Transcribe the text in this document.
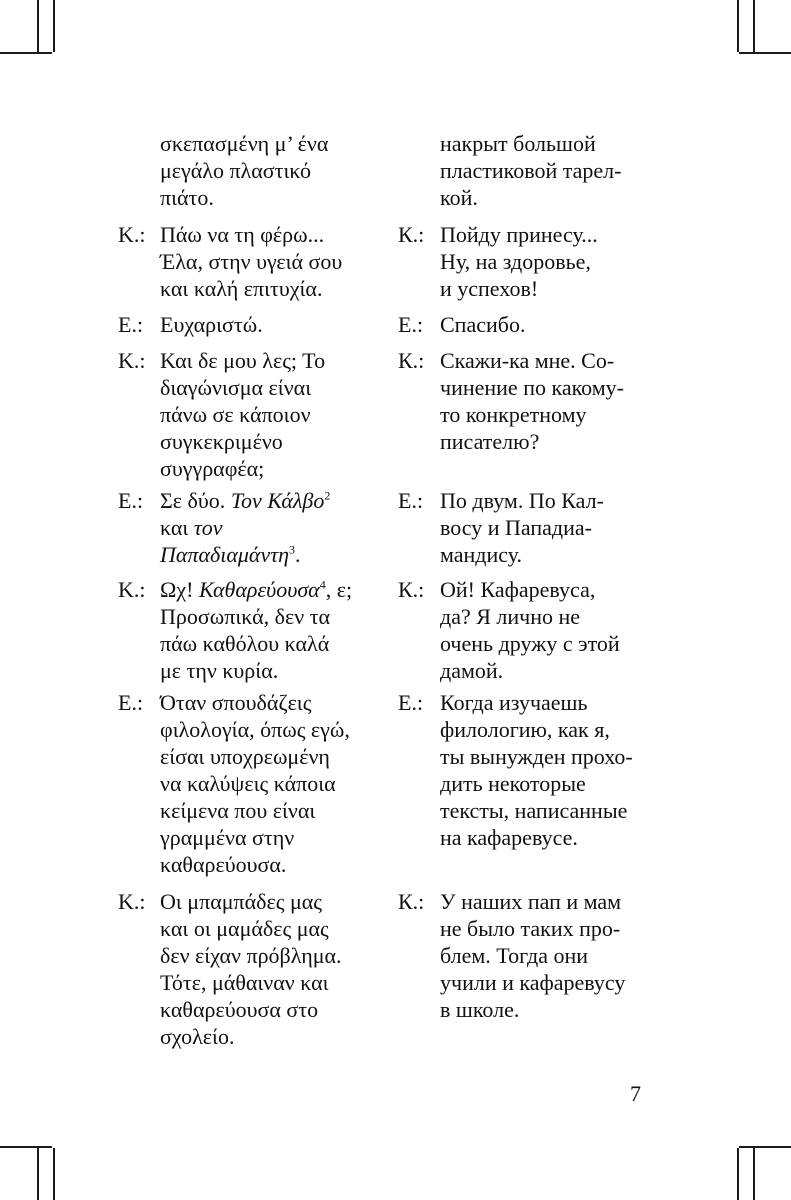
σκεπασμένη μ’ ένα
μεγάλο πλαστικό
πιάτο.
накрыт большой
пластиковой тарел-
кой.
Κ.: Πάω να τη φέρω...
Έλα, στην υγειά σου
και καλή επιτυχία.
К.: Пойду принесу...
Ну, на здоровье,
и успехов!
Ε.: Ευχαριστώ.	Е.: Спасибо.
Κ.: Και δε μου λες; Το
διαγώνισμα είναι
πάνω σε κάποιον
συγκεκριμένο
συγγραφέα;
К.: Скажи-ка мне. Со-
чинение по какому-
то конкретному
писателю?
Ε.: Σε δύο. Τον Κάλβο$^2$
και τον
Παπαδιαμάντη$^3$.
Е.: По двум. По Кал-
восу и Пападиа-
мандису.
Κ.: Ωχ! Καθαρεύουσα$^4$, ε;
Προσωπικά, δεν τα
πάω καθόλου καλά
με την κυρία.
К.: Ой! Кафаревуса,
да? Я лично не
очень дружу с этой
дамой.
Ε.: Όταν σπουδάζεις
φιλολογία, όπως εγώ,
είσαι υποχρεωμένη
να καλύψεις κάποια
κείμενα που είναι
γραμμένα στην
καθαρεύουσα.
Е.: Когда изучаешь
филологию, как я,
ты вынужден прохо-
дить некоторые
тексты, написанные
на кафаревусе.
Κ.: Οι μπαμπάδες μας
και οι μαμάδες μας
δεν είχαν πρόβλημα.
Τότε, μάθαιναν και
καθαρεύουσα στο
σχολείο.
К.: У наших пап и мам
не было таких про-
блем. Тогда они
учили и кафаревусу
в школе.
7
